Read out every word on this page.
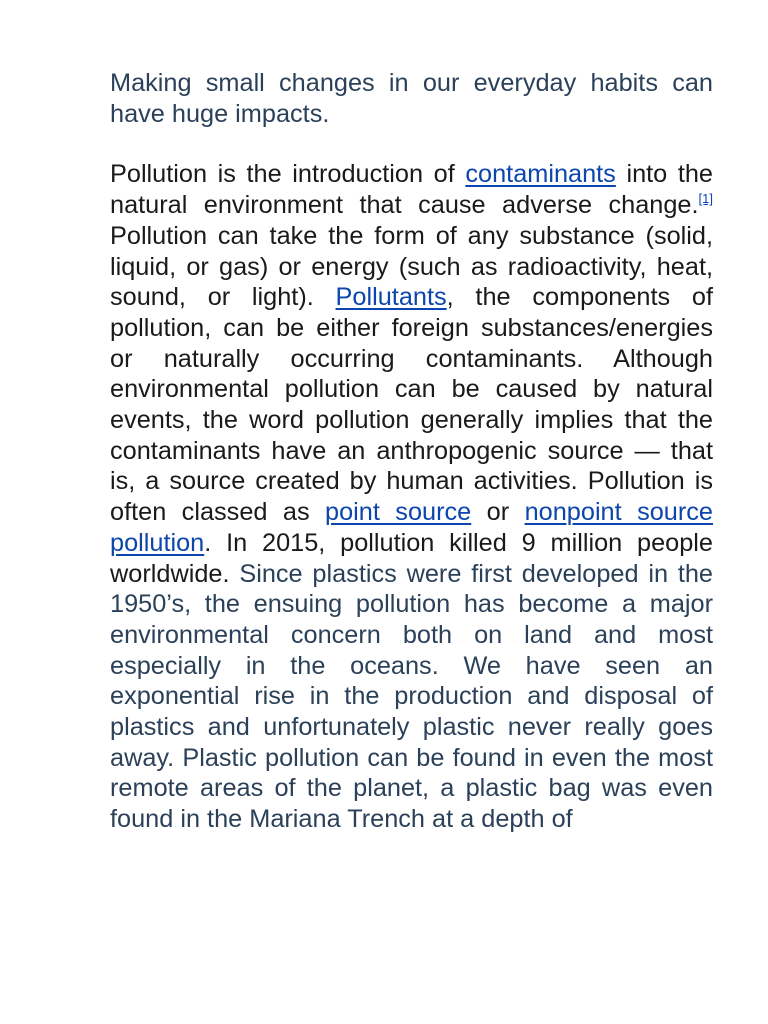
Making small changes in our everyday habits can have huge impacts.

Pollution is the introduction of contaminants into the natural environment that cause adverse change.[1] Pollution can take the form of any substance (solid, liquid, or gas) or energy (such as radioactivity, heat, sound, or light). Pollutants, the components of pollution, can be either foreign substances/energies or naturally occurring contaminants. Although environmental pollution can be caused by natural events, the word pollution generally implies that the contaminants have an anthropogenic source — that is, a source created by human activities. Pollution is often classed as point source or nonpoint source pollution. In 2015, pollution killed 9 million people worldwide. Since plastics were first developed in the 1950’s, the ensuing pollution has become a major environmental concern both on land and most especially in the oceans. We have seen an exponential rise in the production and disposal of plastics and unfortunately plastic never really goes away. Plastic pollution can be found in even the most remote areas of the planet, a plastic bag was even found in the Mariana Trench at a depth of
